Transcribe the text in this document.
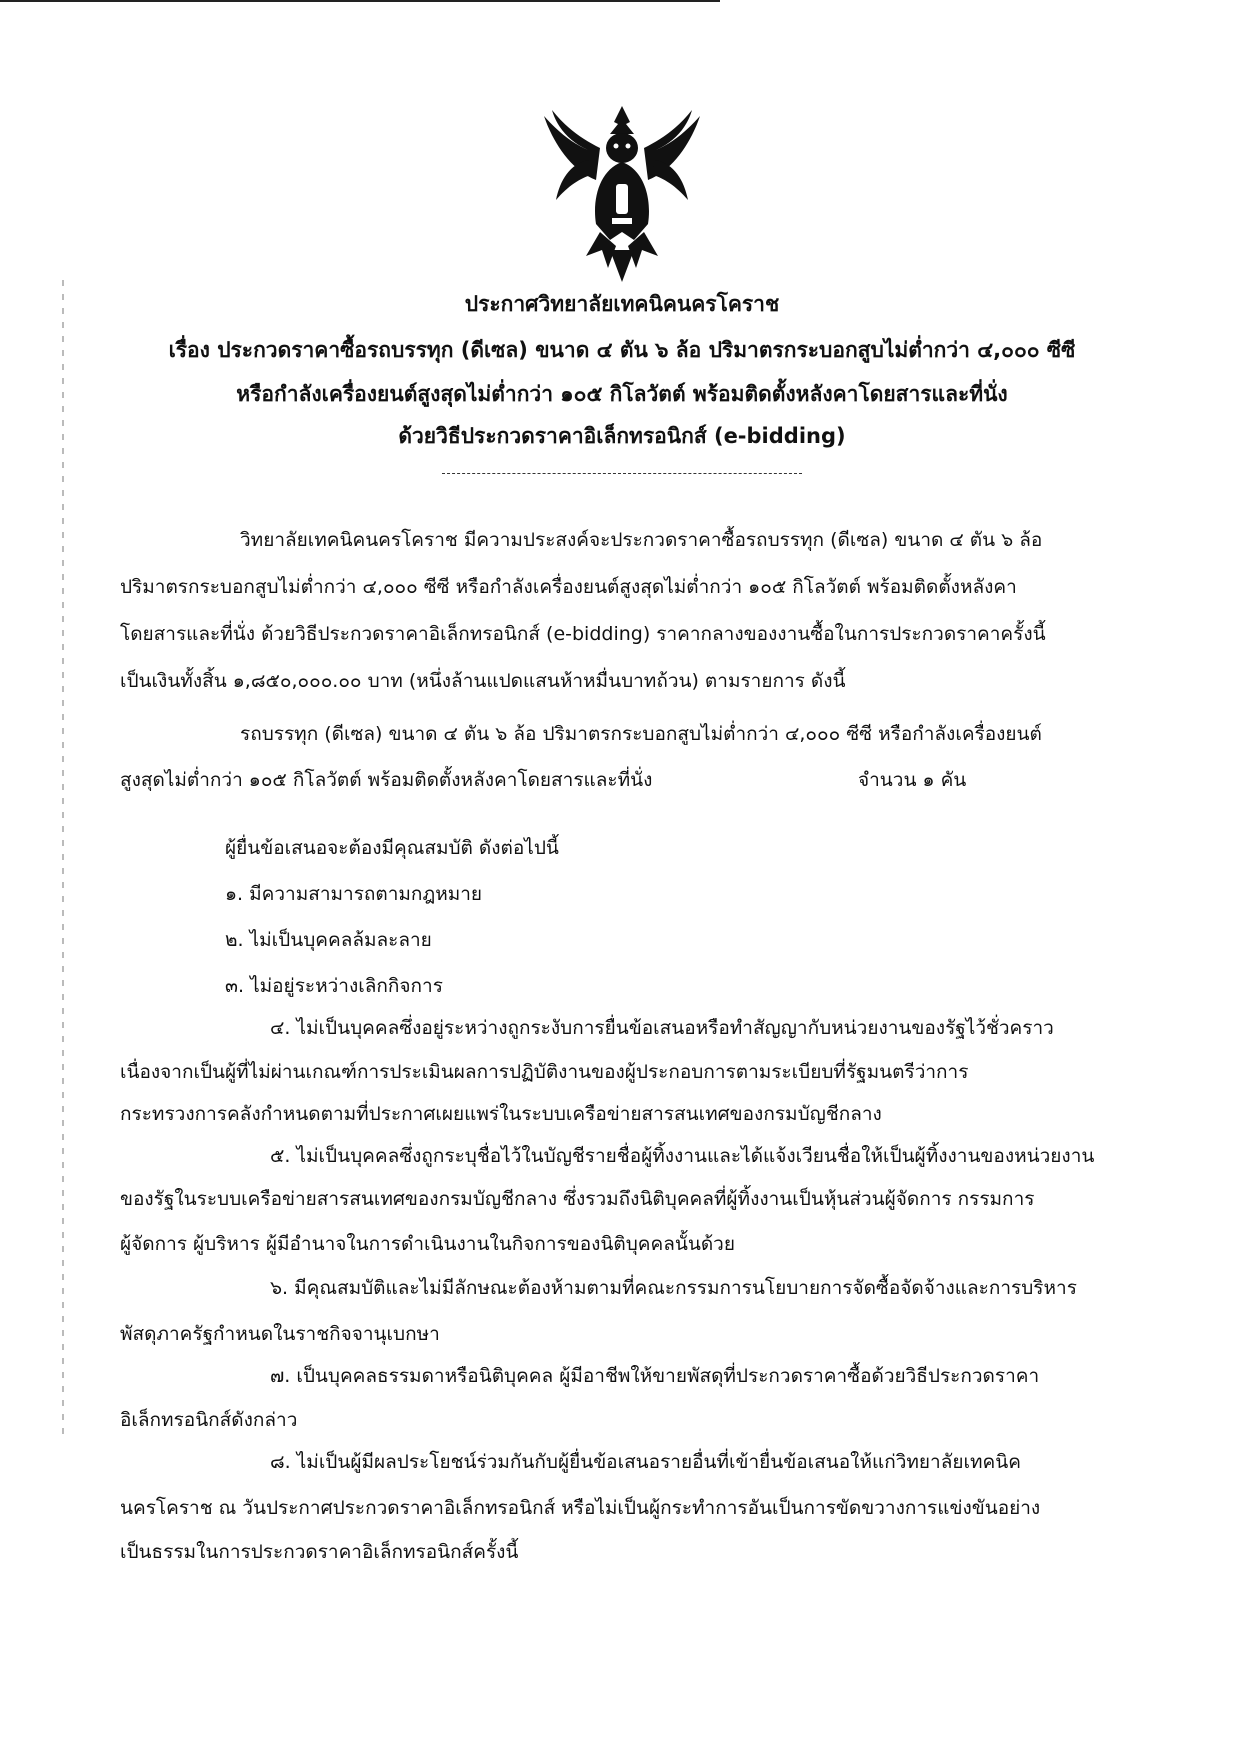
ประกาศวิทยาลัยเทคนิคนครโคราช
เรื่อง ประกวดราคาซื้อรถบรรทุก (ดีเซล) ขนาด ๔ ตัน ๖ ล้อ ปริมาตรกระบอกสูบไม่ต่ำกว่า ๔,๐๐๐ ซีซี
หรือกำลังเครื่องยนต์สูงสุดไม่ต่ำกว่า ๑๐๕ กิโลวัตต์ พร้อมติดตั้งหลังคาโดยสารและที่นั่ง
ด้วยวิธีประกวดราคาอิเล็กทรอนิกส์ (e-bidding)
วิทยาลัยเทคนิคนครโคราช มีความประสงค์จะประกวดราคาซื้อรถบรรทุก (ดีเซล) ขนาด ๔ ตัน ๖ ล้อ
ปริมาตรกระบอกสูบไม่ต่ำกว่า ๔,๐๐๐ ซีซี หรือกำลังเครื่องยนต์สูงสุดไม่ต่ำกว่า ๑๐๕ กิโลวัตต์ พร้อมติดตั้งหลังคา
โดยสารและที่นั่ง ด้วยวิธีประกวดราคาอิเล็กทรอนิกส์ (e-bidding) ราคากลางของงานซื้อในการประกวดราคาครั้งนี้
เป็นเงินทั้งสิ้น ๑,๘๕๐,๐๐๐.๐๐ บาท (หนึ่งล้านแปดแสนห้าหมื่นบาทถ้วน) ตามรายการ ดังนี้
รถบรรทุก (ดีเซล) ขนาด ๔ ตัน ๖ ล้อ ปริมาตรกระบอกสูบไม่ต่ำกว่า ๔,๐๐๐ ซีซี หรือกำลังเครื่องยนต์
สูงสุดไม่ต่ำกว่า ๑๐๕ กิโลวัตต์ พร้อมติดตั้งหลังคาโดยสารและที่นั่ง	จำนวน ๑ คัน
ผู้ยื่นข้อเสนอจะต้องมีคุณสมบัติ ดังต่อไปนี้
๑. มีความสามารถตามกฎหมาย
๒. ไม่เป็นบุคคลล้มละลาย
๓. ไม่อยู่ระหว่างเลิกกิจการ
๔. ไม่เป็นบุคคลซึ่งอยู่ระหว่างถูกระงับการยื่นข้อเสนอหรือทำสัญญากับหน่วยงานของรัฐไว้ชั่วคราว
เนื่องจากเป็นผู้ที่ไม่ผ่านเกณฑ์การประเมินผลการปฏิบัติงานของผู้ประกอบการตามระเบียบที่รัฐมนตรีว่าการ
กระทรวงการคลังกำหนดตามที่ประกาศเผยแพร่ในระบบเครือข่ายสารสนเทศของกรมบัญชีกลาง
๕. ไม่เป็นบุคคลซึ่งถูกระบุชื่อไว้ในบัญชีรายชื่อผู้ทิ้งงานและได้แจ้งเวียนชื่อให้เป็นผู้ทิ้งงานของหน่วยงาน
ของรัฐในระบบเครือข่ายสารสนเทศของกรมบัญชีกลาง ซึ่งรวมถึงนิติบุคคลที่ผู้ทิ้งงานเป็นหุ้นส่วนผู้จัดการ กรรมการ
ผู้จัดการ ผู้บริหาร ผู้มีอำนาจในการดำเนินงานในกิจการของนิติบุคคลนั้นด้วย
๖. มีคุณสมบัติและไม่มีลักษณะต้องห้ามตามที่คณะกรรมการนโยบายการจัดซื้อจัดจ้างและการบริหาร
พัสดุภาครัฐกำหนดในราชกิจจานุเบกษา
๗. เป็นบุคคลธรรมดาหรือนิติบุคคล ผู้มีอาชีพให้ขายพัสดุที่ประกวดราคาซื้อด้วยวิธีประกวดราคา
อิเล็กทรอนิกส์ดังกล่าว
๘. ไม่เป็นผู้มีผลประโยชน์ร่วมกันกับผู้ยื่นข้อเสนอรายอื่นที่เข้ายื่นข้อเสนอให้แก่วิทยาลัยเทคนิค
นครโคราช ณ วันประกาศประกวดราคาอิเล็กทรอนิกส์ หรือไม่เป็นผู้กระทำการอันเป็นการขัดขวางการแข่งขันอย่าง
เป็นธรรมในการประกวดราคาอิเล็กทรอนิกส์ครั้งนี้
